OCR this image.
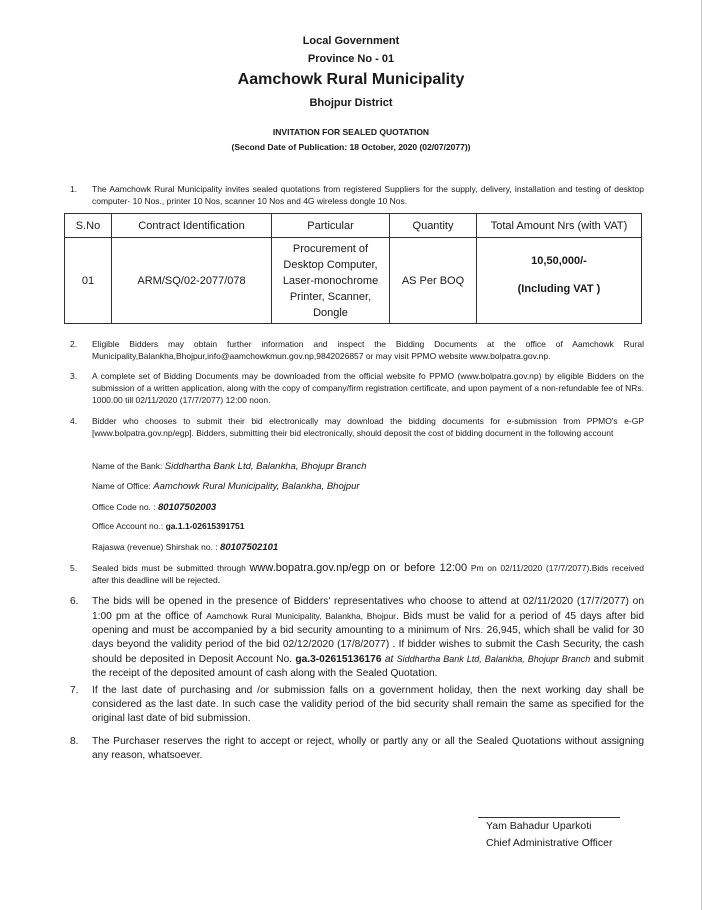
Local Government
Province No - 01
Aamchowk Rural Municipality
Bhojpur District
INVITATION FOR SEALED QUOTATION
(Second Date of Publication: 18 October, 2020 (02/07/2077))
1. The Aamchowk Rural Municipality invites sealed quotations from registered Suppliers for the supply, delivery, installation and testing of desktop computer- 10 Nos., printer 10 Nos, scanner 10 Nos and 4G wireless dongle 10 Nos.
S.No	Contract Identification	Particular	Quantity	Total Amount Nrs (with VAT)
01	ARM/SQ/02-2077/078	Procurement of Desktop Computer, Laser-monochrome Printer, Scanner, Dongle	AS Per BOQ	10,50,000/-
(Including VAT )
2. Eligible Bidders may obtain further information and inspect the Bidding Documents at the office of Aamchowk Rural Municipality,Balankha,Bhojpur,info@aamchowkmun.gov.np,9842026857 or may visit PPMO website www.bolpatra.gov.np.
3. A complete set of Bidding Documents may be downloaded from the official website fo PPMO (www.bolpatra.gov.np) by eligible Bidders on the submission of a written application, along with the copy of company/firm registration certificate, and upon payment of a non-refundable fee of NRs. 1000.00 till 02/11/2020 (17/7/2077) 12:00 noon.
4. Bidder who chooses to submit their bid electronically may download the bidding documents for e-submission from PPMO's e-GP [www.bolpatra.gov.np/egp]. Bidders, submitting their bid electronically, should deposit the cost of bidding document in the following account
Name of the Bank: Siddhartha Bank Ltd, Balankha, Bhojupr Branch
Name of Office: Aamchowk Rural Municipality, Balankha, Bhojpur
Office Code no. : 80107502003
Office Account no.: ga.1.1-02615391751
Rajaswa (revenue) Shirshak no. : 80107502101
5. Sealed bids must be submitted through www.bopatra.gov.np/egp on or before 12:00 Pm on 02/11/2020 (17/7/2077).Bids received after this deadline will be rejected.
6. The bids will be opened in the presence of Bidders' representatives who choose to attend at 02/11/2020 (17/7/2077) on 1:00 pm at the office of Aamchowk Rural Municipality, Balankha, Bhojpur. Bids must be valid for a period of 45 days after bid opening and must be accompanied by a bid security amounting to a minimum of Nrs. 26,945, which shall be valid for 30 days beyond the validity period of the bid 02/12/2020 (17/8/2077) . If bidder wishes to submit the Cash Security, the cash should be deposited in Deposit Account No. ga.3-02615136176 at Siddhartha Bank Ltd, Balankha, Bhojupr Branch and submit the receipt of the deposited amount of cash along with the Sealed Quotation.
7. If the last date of purchasing and /or submission falls on a government holiday, then the next working day shall be considered as the last date. In such case the validity period of the bid security shall remain the same as specified for the original last date of bid submission.
8. The Purchaser reserves the right to accept or reject, wholly or partly any or all the Sealed Quotations without assigning any reason, whatsoever.
Yam Bahadur Uparkoti
Chief Administrative Officer
